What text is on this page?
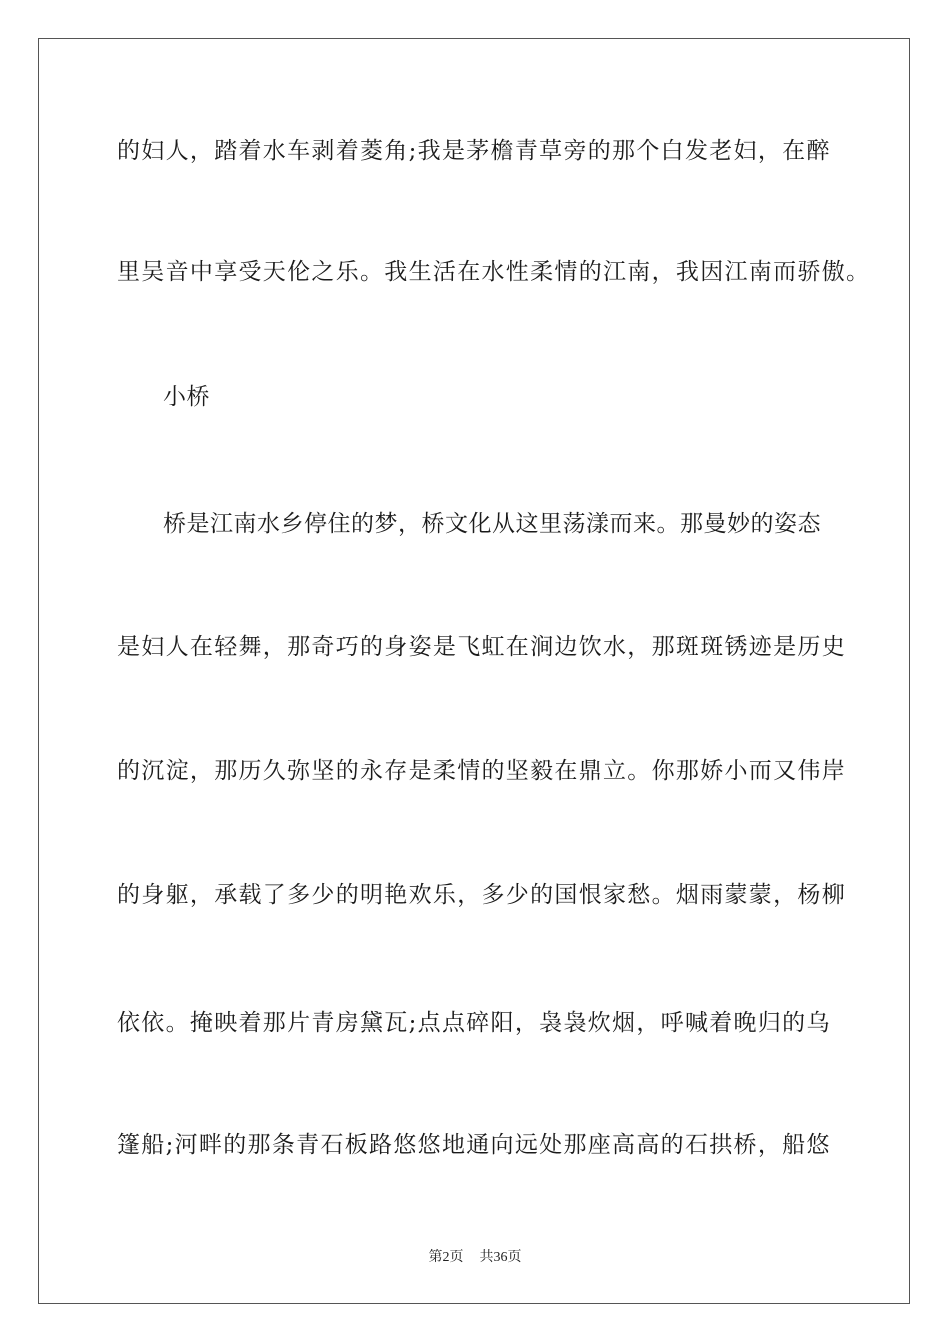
的妇人，踏着水车剥着菱角;我是茅檐青草旁的那个白发老妇，在醉
里吴音中享受天伦之乐。我生活在水性柔情的江南，我因江南而骄傲。
小桥
桥是江南水乡停住的梦，桥文化从这里荡漾而来。那曼妙的姿态
是妇人在轻舞，那奇巧的身姿是飞虹在涧边饮水，那斑斑锈迹是历史
的沉淀，那历久弥坚的永存是柔情的坚毅在鼎立。你那娇小而又伟岸
的身躯，承载了多少的明艳欢乐，多少的国恨家愁。烟雨蒙蒙，杨柳
依依。掩映着那片青房黛瓦;点点碎阳，袅袅炊烟，呼喊着晚归的乌
篷船;河畔的那条青石板路悠悠地通向远处那座高高的石拱桥，船悠
第2页 共36页
